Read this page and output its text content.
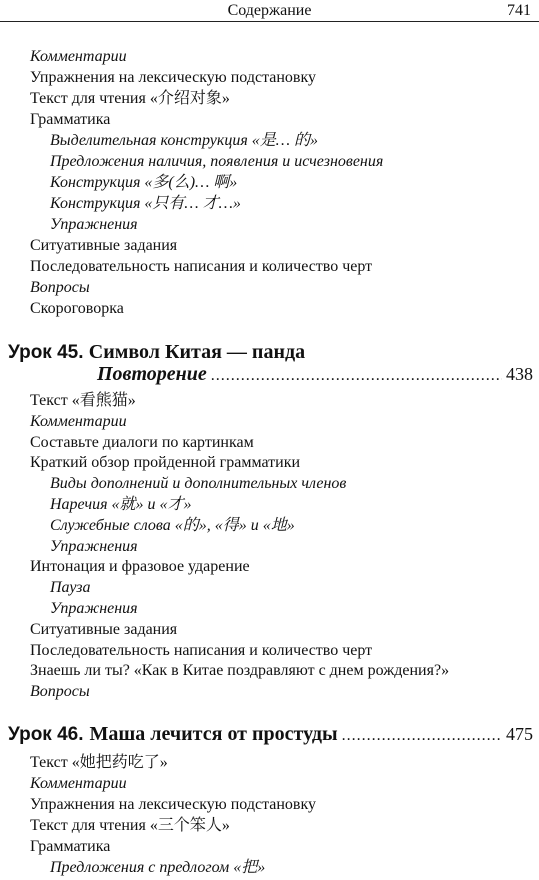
Содержание	741
Комментарии
Упражнения на лексическую подстановку
Текст для чтения «介绍对象»
Грамматика
Выделительная конструкция «是… 的»
Предложения наличия, появления и исчезновения
Конструкция «多(么)… 啊»
Конструкция «只有… 才…»
Упражнения
Ситуативные задания
Последовательность написания и количество черт
Вопросы
Скороговорка
Урок 45. Символ Китая — панда
Повторение .....	438
Текст «看熊猫»
Комментарии
Составьте диалоги по картинкам
Краткий обзор пройденной грамматики
Виды дополнений и дополнительных членов
Наречия «就» и «才»
Служебные слова «的», «得» и «地»
Упражнения
Интонация и фразовое ударение
Пауза
Упражнения
Ситуативные задания
Последовательность написания и количество черт
Знаешь ли ты? «Как в Китае поздравляют с днем рождения?»
Вопросы
Урок 46. Маша лечится от простуды .....	475
Текст «她把药吃了»
Комментарии
Упражнения на лексическую подстановку
Текст для чтения «三个笨人»
Грамматика
Предложения с предлогом «把»
